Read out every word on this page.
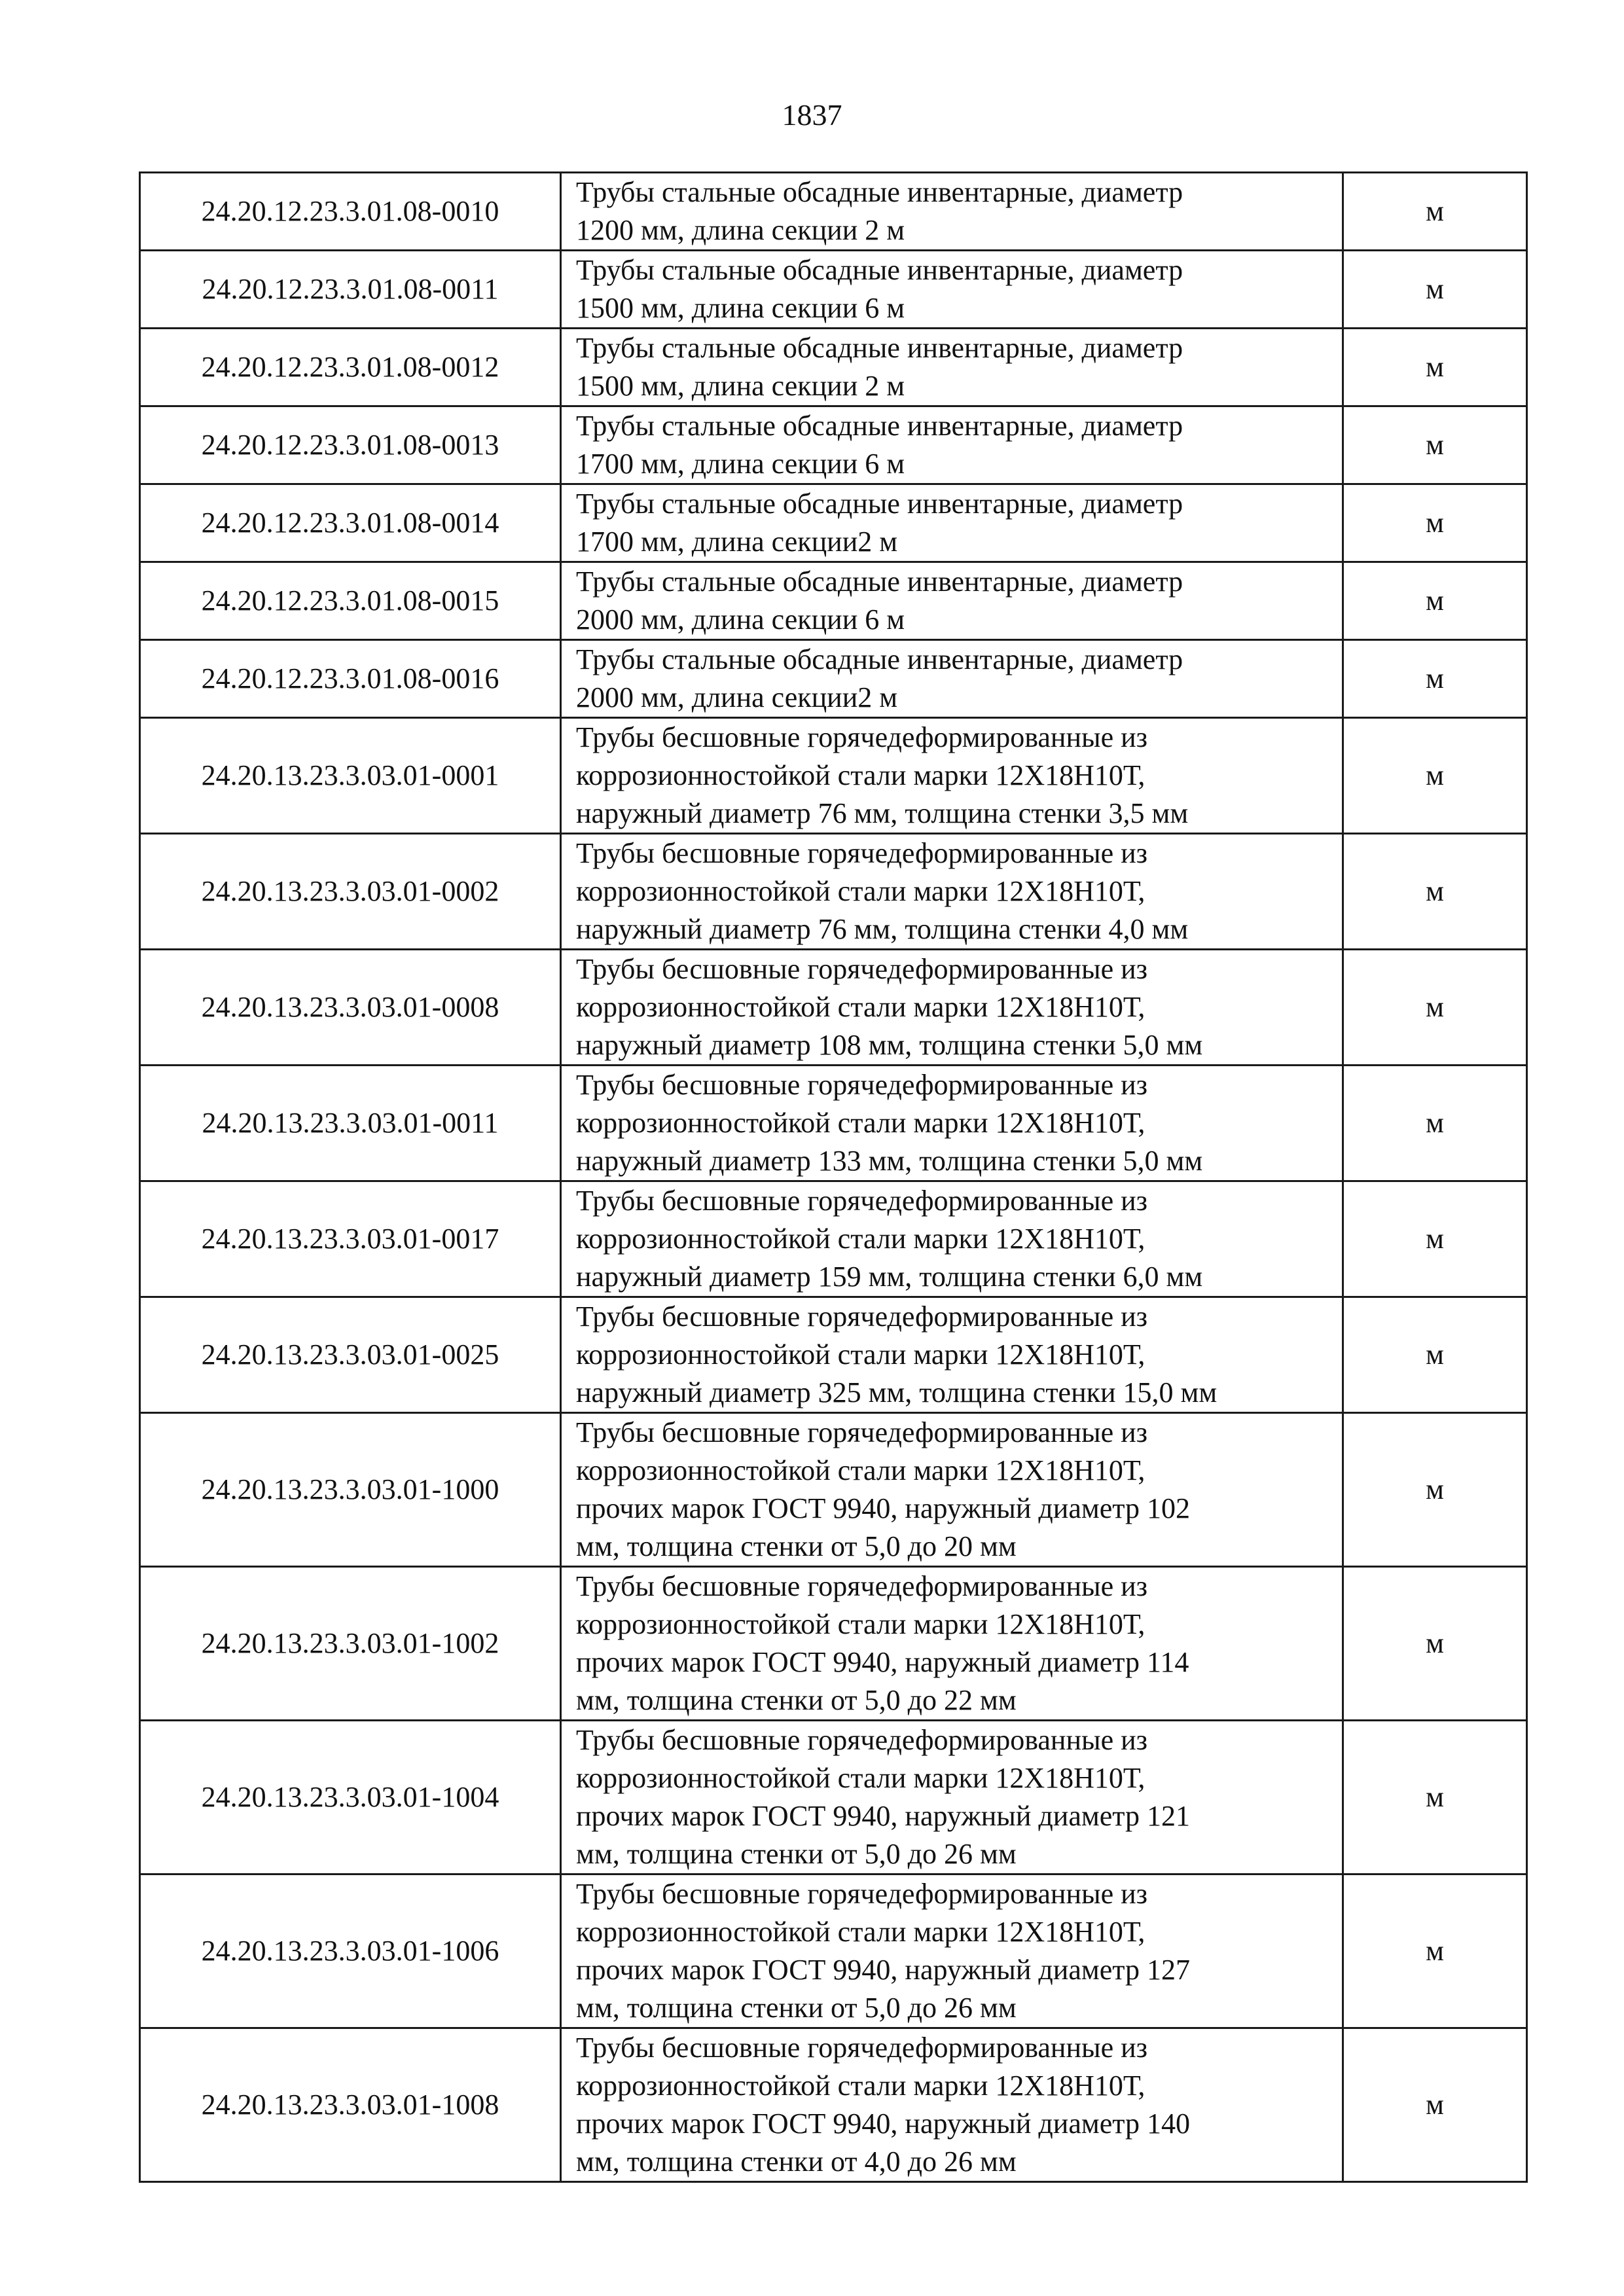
1837
24.20.12.23.3.01.08-0010	Трубы стальные обсадные инвентарные, диаметр
1200 мм, длина секции 2 м	м
24.20.12.23.3.01.08-0011	Трубы стальные обсадные инвентарные, диаметр
1500 мм, длина секции 6 м	м
24.20.12.23.3.01.08-0012	Трубы стальные обсадные инвентарные, диаметр
1500 мм, длина секции 2 м	м
24.20.12.23.3.01.08-0013	Трубы стальные обсадные инвентарные, диаметр
1700 мм, длина секции 6 м	м
24.20.12.23.3.01.08-0014	Трубы стальные обсадные инвентарные, диаметр
1700 мм, длина секции2 м	м
24.20.12.23.3.01.08-0015	Трубы стальные обсадные инвентарные, диаметр
2000 мм, длина секции 6 м	м
24.20.12.23.3.01.08-0016	Трубы стальные обсадные инвентарные, диаметр
2000 мм, длина секции2 м	м
24.20.13.23.3.03.01-0001	Трубы бесшовные горячедеформированные из
коррозионностойкой стали марки 12Х18Н10Т,
наружный диаметр 76 мм, толщина стенки 3,5 мм	м
24.20.13.23.3.03.01-0002	Трубы бесшовные горячедеформированные из
коррозионностойкой стали марки 12Х18Н10Т,
наружный диаметр 76 мм, толщина стенки 4,0 мм	м
24.20.13.23.3.03.01-0008	Трубы бесшовные горячедеформированные из
коррозионностойкой стали марки 12Х18Н10Т,
наружный диаметр 108 мм, толщина стенки 5,0 мм	м
24.20.13.23.3.03.01-0011	Трубы бесшовные горячедеформированные из
коррозионностойкой стали марки 12Х18Н10Т,
наружный диаметр 133 мм, толщина стенки 5,0 мм	м
24.20.13.23.3.03.01-0017	Трубы бесшовные горячедеформированные из
коррозионностойкой стали марки 12Х18Н10Т,
наружный диаметр 159 мм, толщина стенки 6,0 мм	м
24.20.13.23.3.03.01-0025	Трубы бесшовные горячедеформированные из
коррозионностойкой стали марки 12Х18Н10Т,
наружный диаметр 325 мм, толщина стенки 15,0 мм	м
24.20.13.23.3.03.01-1000	Трубы бесшовные горячедеформированные из
коррозионностойкой стали марки 12Х18Н10Т,
прочих марок ГОСТ 9940, наружный диаметр 102
мм, толщина стенки от 5,0 до 20 мм	м
24.20.13.23.3.03.01-1002	Трубы бесшовные горячедеформированные из
коррозионностойкой стали марки 12Х18Н10Т,
прочих марок ГОСТ 9940, наружный диаметр 114
мм, толщина стенки от 5,0 до 22 мм	м
24.20.13.23.3.03.01-1004	Трубы бесшовные горячедеформированные из
коррозионностойкой стали марки 12Х18Н10Т,
прочих марок ГОСТ 9940, наружный диаметр 121
мм, толщина стенки от 5,0 до 26 мм	м
24.20.13.23.3.03.01-1006	Трубы бесшовные горячедеформированные из
коррозионностойкой стали марки 12Х18Н10Т,
прочих марок ГОСТ 9940, наружный диаметр 127
мм, толщина стенки от 5,0 до 26 мм	м
24.20.13.23.3.03.01-1008	Трубы бесшовные горячедеформированные из
коррозионностойкой стали марки 12Х18Н10Т,
прочих марок ГОСТ 9940, наружный диаметр 140
мм, толщина стенки от 4,0 до 26 мм	м
